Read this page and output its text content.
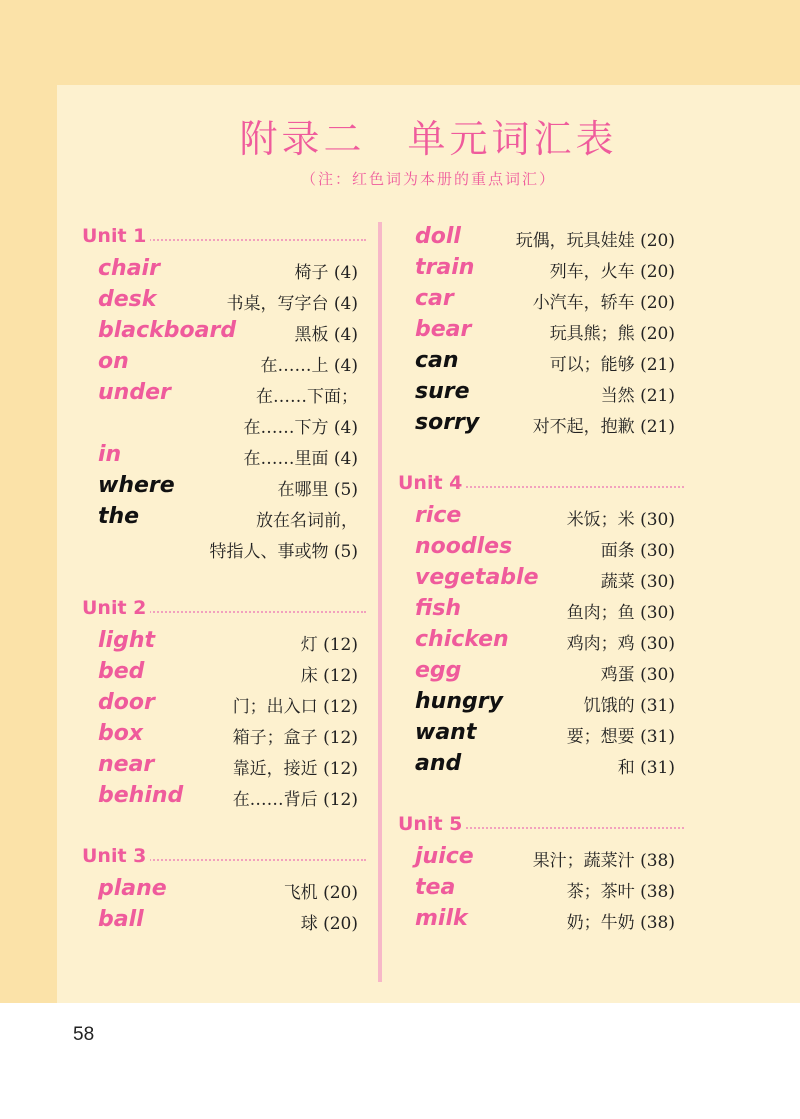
附录二　单元词汇表
（注：红色词为本册的重点词汇）
Unit 1
chair	椅子 (4)
desk	书桌，写字台 (4)
blackboard	黑板 (4)
on	在……上 (4)
under	在……下面；
在……下方 (4)
in	在……里面 (4)
where	在哪里 (5)
the	放在名词前，
特指人、事或物 (5)
Unit 2
light	灯 (12)
bed	床 (12)
door	门；出入口 (12)
box	箱子；盒子 (12)
near	靠近，接近 (12)
behind	在……背后 (12)
Unit 3
plane	飞机 (20)
ball	球 (20)
doll	玩偶，玩具娃娃 (20)
train	列车，火车 (20)
car	小汽车，轿车 (20)
bear	玩具熊；熊 (20)
can	可以；能够 (21)
sure	当然 (21)
sorry	对不起，抱歉 (21)
Unit 4
rice	米饭；米 (30)
noodles	面条 (30)
vegetable	蔬菜 (30)
fish	鱼肉；鱼 (30)
chicken	鸡肉；鸡 (30)
egg	鸡蛋 (30)
hungry	饥饿的 (31)
want	要；想要 (31)
and	和 (31)
Unit 5
juice	果汁；蔬菜汁 (38)
tea	茶；茶叶 (38)
milk	奶；牛奶 (38)
58
